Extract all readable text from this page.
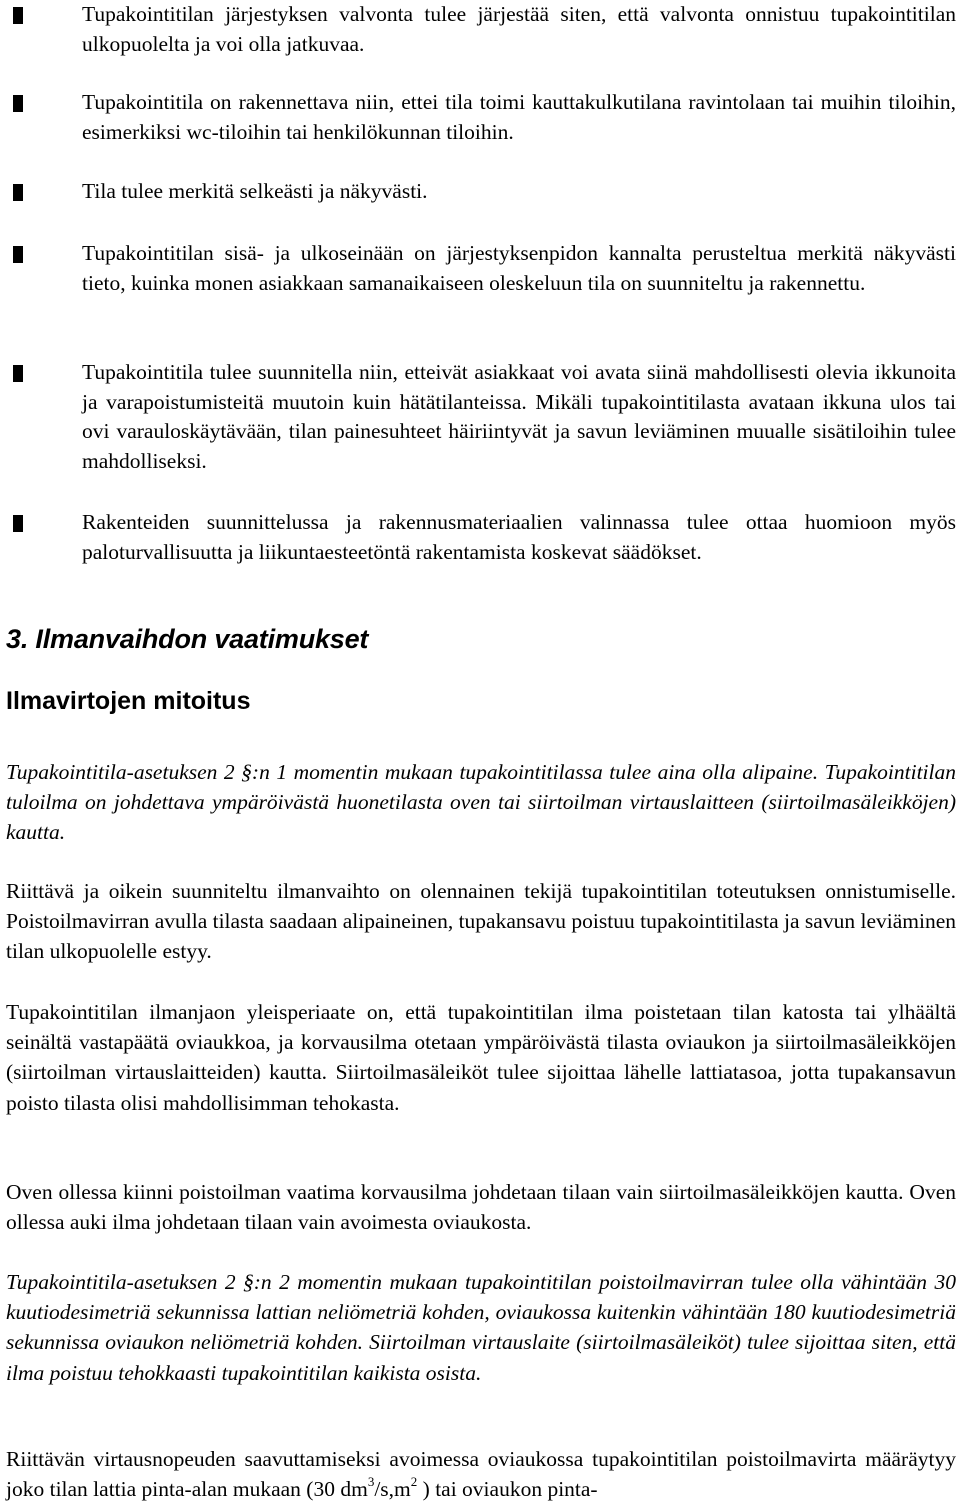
Tupakointitilan järjestyksen valvonta tulee järjestää siten, että valvonta onnistuu tupakointitilan ulkopuolelta ja voi olla jatkuvaa.
Tupakointitila on rakennettava niin, ettei tila toimi kauttakulkutilana ravintolaan tai muihin tiloihin, esimerkiksi wc-tiloihin tai henkilökunnan tiloihin.
Tila tulee merkitä selkeästi ja näkyvästi.
Tupakointitilan sisä- ja ulkoseinään on järjestyksenpidon kannalta perusteltua merkitä näkyvästi tieto, kuinka monen asiakkaan samanaikaiseen oleskeluun tila on suunniteltu ja rakennettu.
Tupakointitila tulee suunnitella niin, etteivät asiakkaat voi avata siinä mahdollisesti olevia ikkunoita ja varapoistumisteitä muutoin kuin hätätilanteissa. Mikäli tupakointitilasta avataan ikkuna ulos tai ovi varauloskäytävään, tilan painesuhteet häiriintyvät ja savun leviäminen muualle sisätiloihin tulee mahdolliseksi.
Rakenteiden suunnittelussa ja rakennusmateriaalien valinnassa tulee ottaa huomioon myös paloturvallisuutta ja liikuntaesteetöntä rakentamista koskevat säädökset.
3. Ilmanvaihdon vaatimukset
Ilmavirtojen mitoitus

Tupakointitila-asetuksen 2 §:n 1 momentin mukaan tupakointitilassa tulee aina olla alipaine. Tupakointitilan tuloilma on johdettava ympäröivästä huonetilasta oven tai siirtoilman virtauslaitteen (siirtoilmasäleikköjen) kautta.

Riittävä ja oikein suunniteltu ilmanvaihto on olennainen tekijä tupakointitilan toteutuksen onnistumiselle. Poistoilmavirran avulla tilasta saadaan alipaineinen, tupakansavu poistuu tupakointitilasta ja savun leviäminen tilan ulkopuolelle estyy.

Tupakointitilan ilmanjaon yleisperiaate on, että tupakointitilan ilma poistetaan tilan katosta tai ylhäältä seinältä vastapäätä oviaukkoa, ja korvausilma otetaan ympäröivästä tilasta oviaukon ja siirtoilmasäleikköjen (siirtoilman virtauslaitteiden) kautta. Siirtoilmasäleiköt tulee sijoittaa lähelle lattiatasoa, jotta tupakansavun poisto tilasta olisi mahdollisimman tehokasta.

Oven ollessa kiinni poistoilman vaatima korvausilma johdetaan tilaan vain siirtoilmasäleikköjen kautta. Oven ollessa auki ilma johdetaan tilaan vain avoimesta oviaukosta.

Tupakointitila-asetuksen 2 §:n 2 momentin mukaan tupakointitilan poistoilmavirran tulee olla vähintään 30 kuutiodesimetriä sekunnissa lattian neliömetriä kohden, oviaukossa kuitenkin vähintään 180 kuutiodesimetriä sekunnissa oviaukon neliömetriä kohden. Siirtoilman virtauslaite (siirtoilmasäleiköt) tulee sijoittaa siten, että ilma poistuu tehokkaasti tupakointitilan kaikista osista.

Riittävän virtausnopeuden saavuttamiseksi avoimessa oviaukossa tupakointitilan poistoilmavirta määräytyy joko tilan lattia pinta-alan mukaan (30 $dm^3/s,m^2$ ) tai oviaukon pinta-
